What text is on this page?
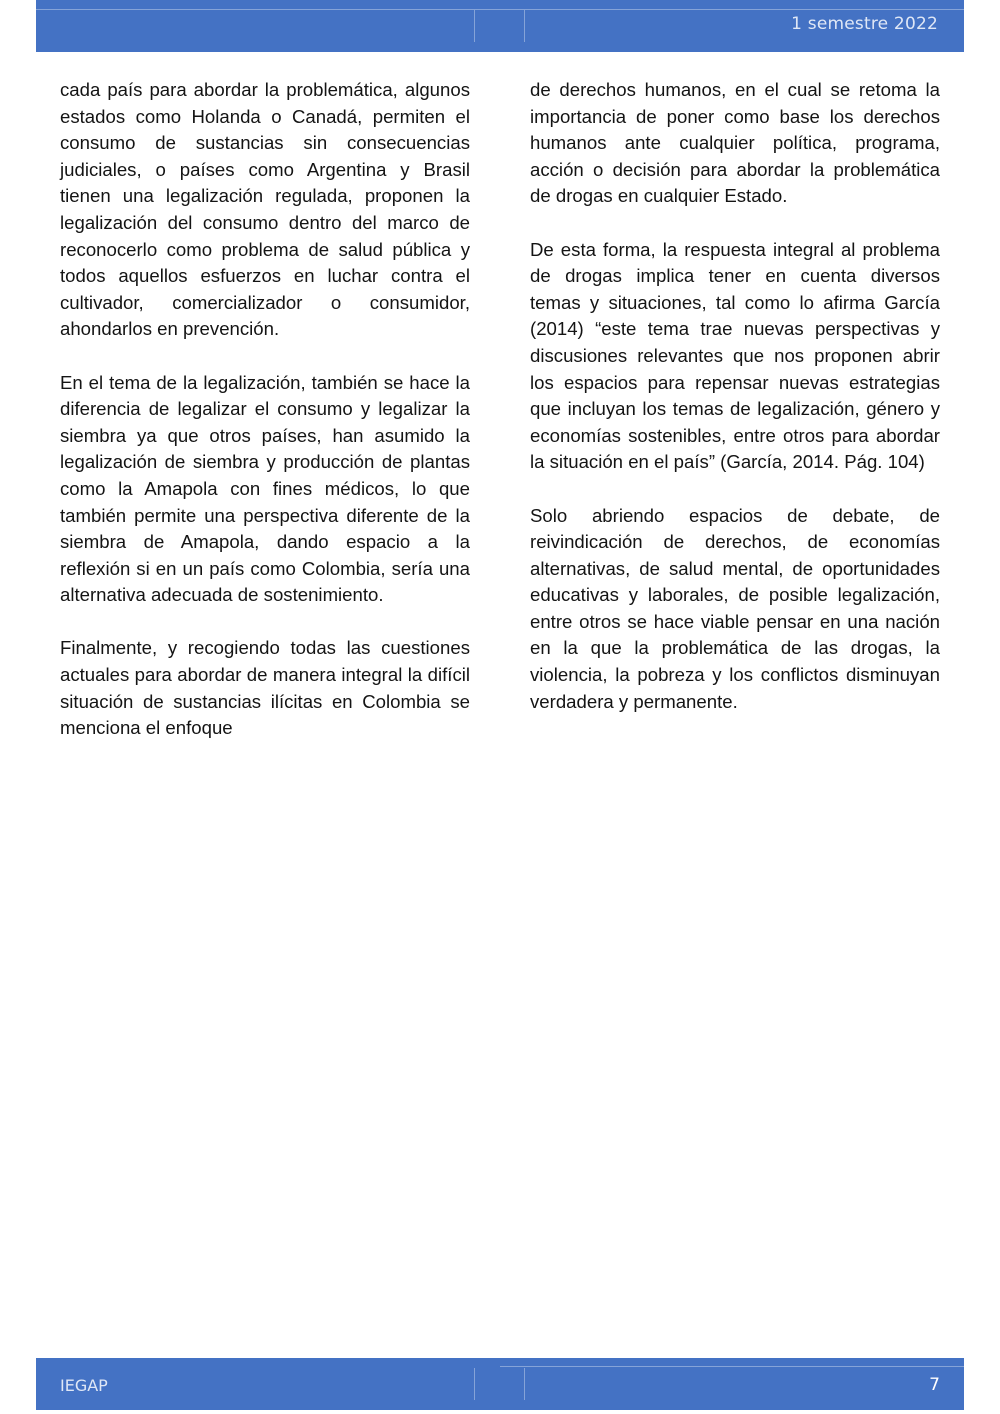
1 semestre 2022

cada país para abordar la problemática, algunos estados como Holanda o Canadá, permiten el consumo de sustancias sin consecuencias judiciales, o países como Argentina y Brasil tienen una legalización regulada, proponen la legalización del consumo dentro del marco de reconocerlo como problema de salud pública y todos aquellos esfuerzos en luchar contra el cultivador, comercializador o consumidor, ahondarlos en prevención.

En el tema de la legalización, también se hace la diferencia de legalizar el consumo y legalizar la siembra ya que otros países, han asumido la legalización de siembra y producción de plantas como la Amapola con fines médicos, lo que también permite una perspectiva diferente de la siembra de Amapola, dando espacio a la reflexión si en un país como Colombia, sería una alternativa adecuada de sostenimiento.

Finalmente, y recogiendo todas las cuestiones actuales para abordar de manera integral la difícil situación de sustancias ilícitas en Colombia se menciona el enfoque

de derechos humanos, en el cual se retoma la importancia de poner como base los derechos humanos ante cualquier política, programa, acción o decisión para abordar la problemática de drogas en cualquier Estado.

De esta forma, la respuesta integral al problema de drogas implica tener en cuenta diversos temas y situaciones, tal como lo afirma García (2014) “este tema trae nuevas perspectivas y discusiones relevantes que nos proponen abrir los espacios para repensar nuevas estrategias que incluyan los temas de legalización, género y economías sostenibles, entre otros para abordar la situación en el país” (García, 2014. Pág. 104)

Solo abriendo espacios de debate, de reivindicación de derechos, de economías alternativas, de salud mental, de oportunidades educativas y laborales, de posible legalización, entre otros se hace viable pensar en una nación en la que la problemática de las drogas, la violencia, la pobreza y los conflictos disminuyan verdadera y permanente.

IEGAP	7
